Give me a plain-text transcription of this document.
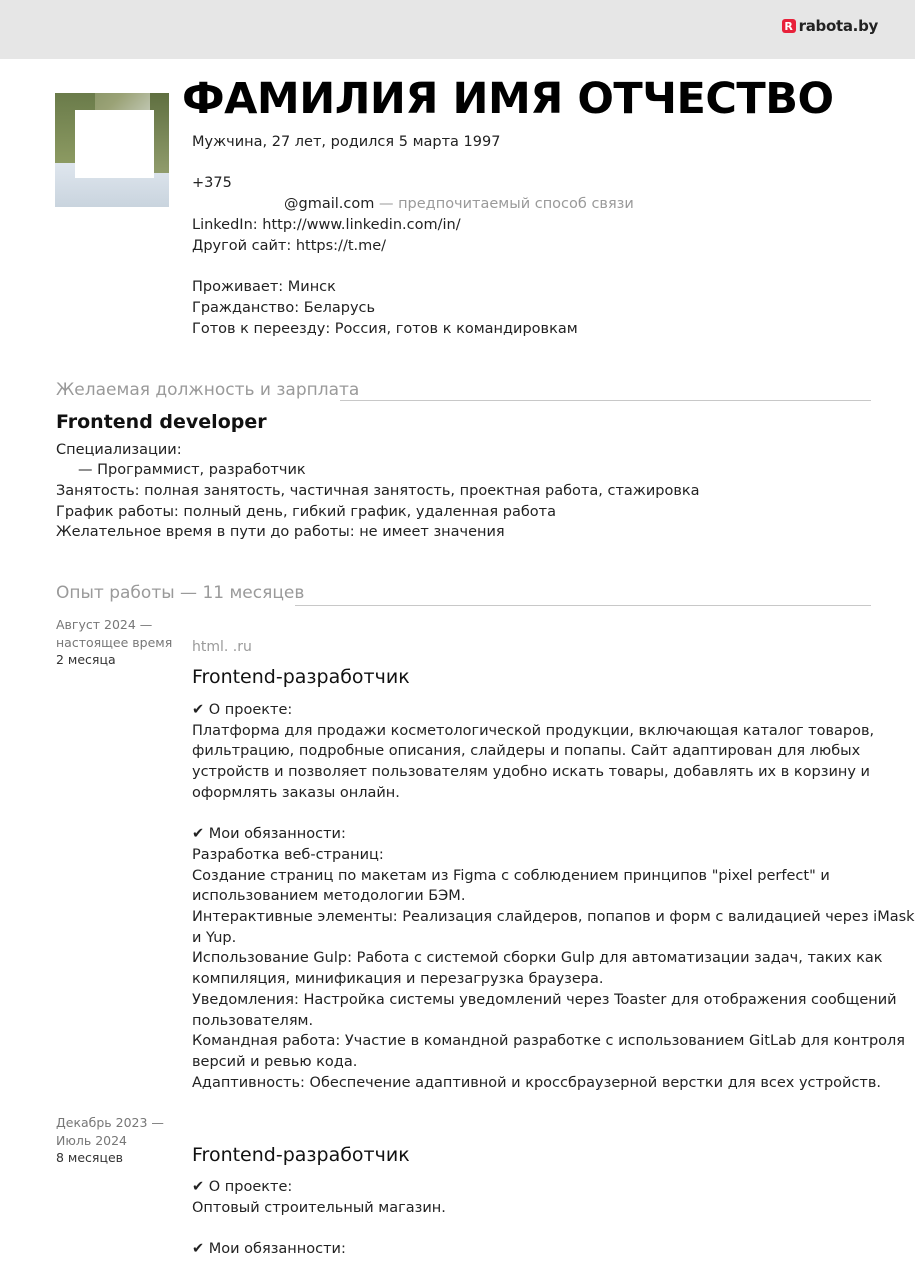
R rabota.by
ФАМИЛИЯ ИМЯ ОТЧЕСТВО
Мужчина, 27 лет, родился 5 марта 1997
+375
@gmail.com — предпочитаемый способ связи
LinkedIn: http://www.linkedin.com/in/
Другой сайт: https://t.me/
Проживает: Минск
Гражданство: Беларусь
Готов к переезду: Россия, готов к командировкам
Желаемая должность и зарплата
Frontend developer
Специализации:
— Программист, разработчик
Занятость: полная занятость, частичная занятость, проектная работа, стажировка
График работы: полный день, гибкий график, удаленная работа
Желательное время в пути до работы: не имеет значения
Опыт работы — 11 месяцев
Август 2024 —
настоящее время
2 месяца
html. .ru
Frontend-разработчик
✔︎ О проекте:
Платформа для продажи косметологической продукции, включающая каталог товаров,
фильтрацию, подробные описания, слайдеры и попапы. Сайт адаптирован для любых
устройств и позволяет пользователям удобно искать товары, добавлять их в корзину и
оформлять заказы онлайн.
✔︎ Мои обязанности:
Разработка веб-страниц:
Создание страниц по макетам из Figma с соблюдением принципов "pixel perfect" и
использованием методологии БЭМ.
Интерактивные элементы: Реализация слайдеров, попапов и форм с валидацией через iMask
и Yup.
Использование Gulp: Работа с системой сборки Gulp для автоматизации задач, таких как
компиляция, минификация и перезагрузка браузера.
Уведомления: Настройка системы уведомлений через Toaster для отображения сообщений
пользователям.
Командная работа: Участие в командной разработке с использованием GitLab для контроля
версий и ревью кода.
Адаптивность: Обеспечение адаптивной и кроссбраузерной верстки для всех устройств.
Декабрь 2023 —
Июль 2024
8 месяцев	Frontend-разработчик
✔︎ О проекте:
Оптовый строительный магазин.
✔︎ Мои обязанности:
